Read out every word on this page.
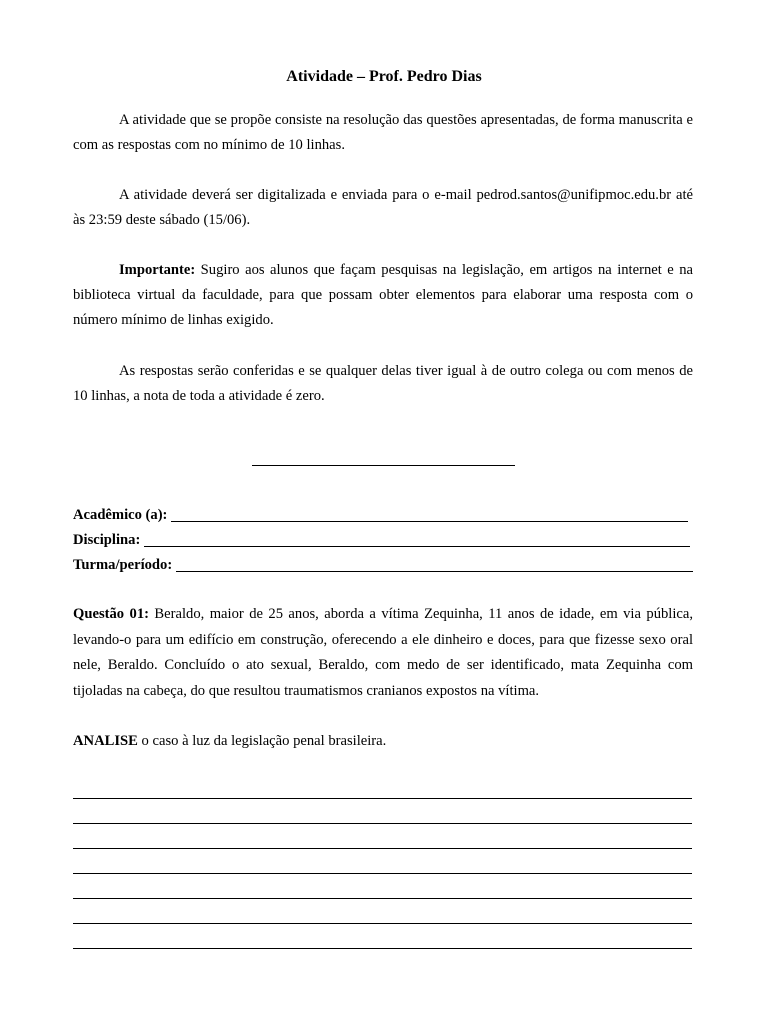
Atividade – Prof. Pedro Dias

A atividade que se propõe consiste na resolução das questões apresentadas, de forma manuscrita e com as respostas com no mínimo de 10 linhas.

A atividade deverá ser digitalizada e enviada para o e-mail pedrod.santos@unifipmoc.edu.br até às 23:59 deste sábado (15/06).

Importante: Sugiro aos alunos que façam pesquisas na legislação, em artigos na internet e na biblioteca virtual da faculdade, para que possam obter elementos para elaborar uma resposta com o número mínimo de linhas exigido.

As respostas serão conferidas e se qualquer delas tiver igual à de outro colega ou com menos de 10 linhas, a nota de toda a atividade é zero.

Acadêmico (a):
Disciplina:
Turma/período:

Questão 01: Beraldo, maior de 25 anos, aborda a vítima Zequinha, 11 anos de idade, em via pública, levando-o para um edifício em construção, oferecendo a ele dinheiro e doces, para que fizesse sexo oral nele, Beraldo. Concluído o ato sexual, Beraldo, com medo de ser identificado, mata Zequinha com tijoladas na cabeça, do que resultou traumatismos cranianos expostos na vítima.

ANALISE o caso à luz da legislação penal brasileira.
